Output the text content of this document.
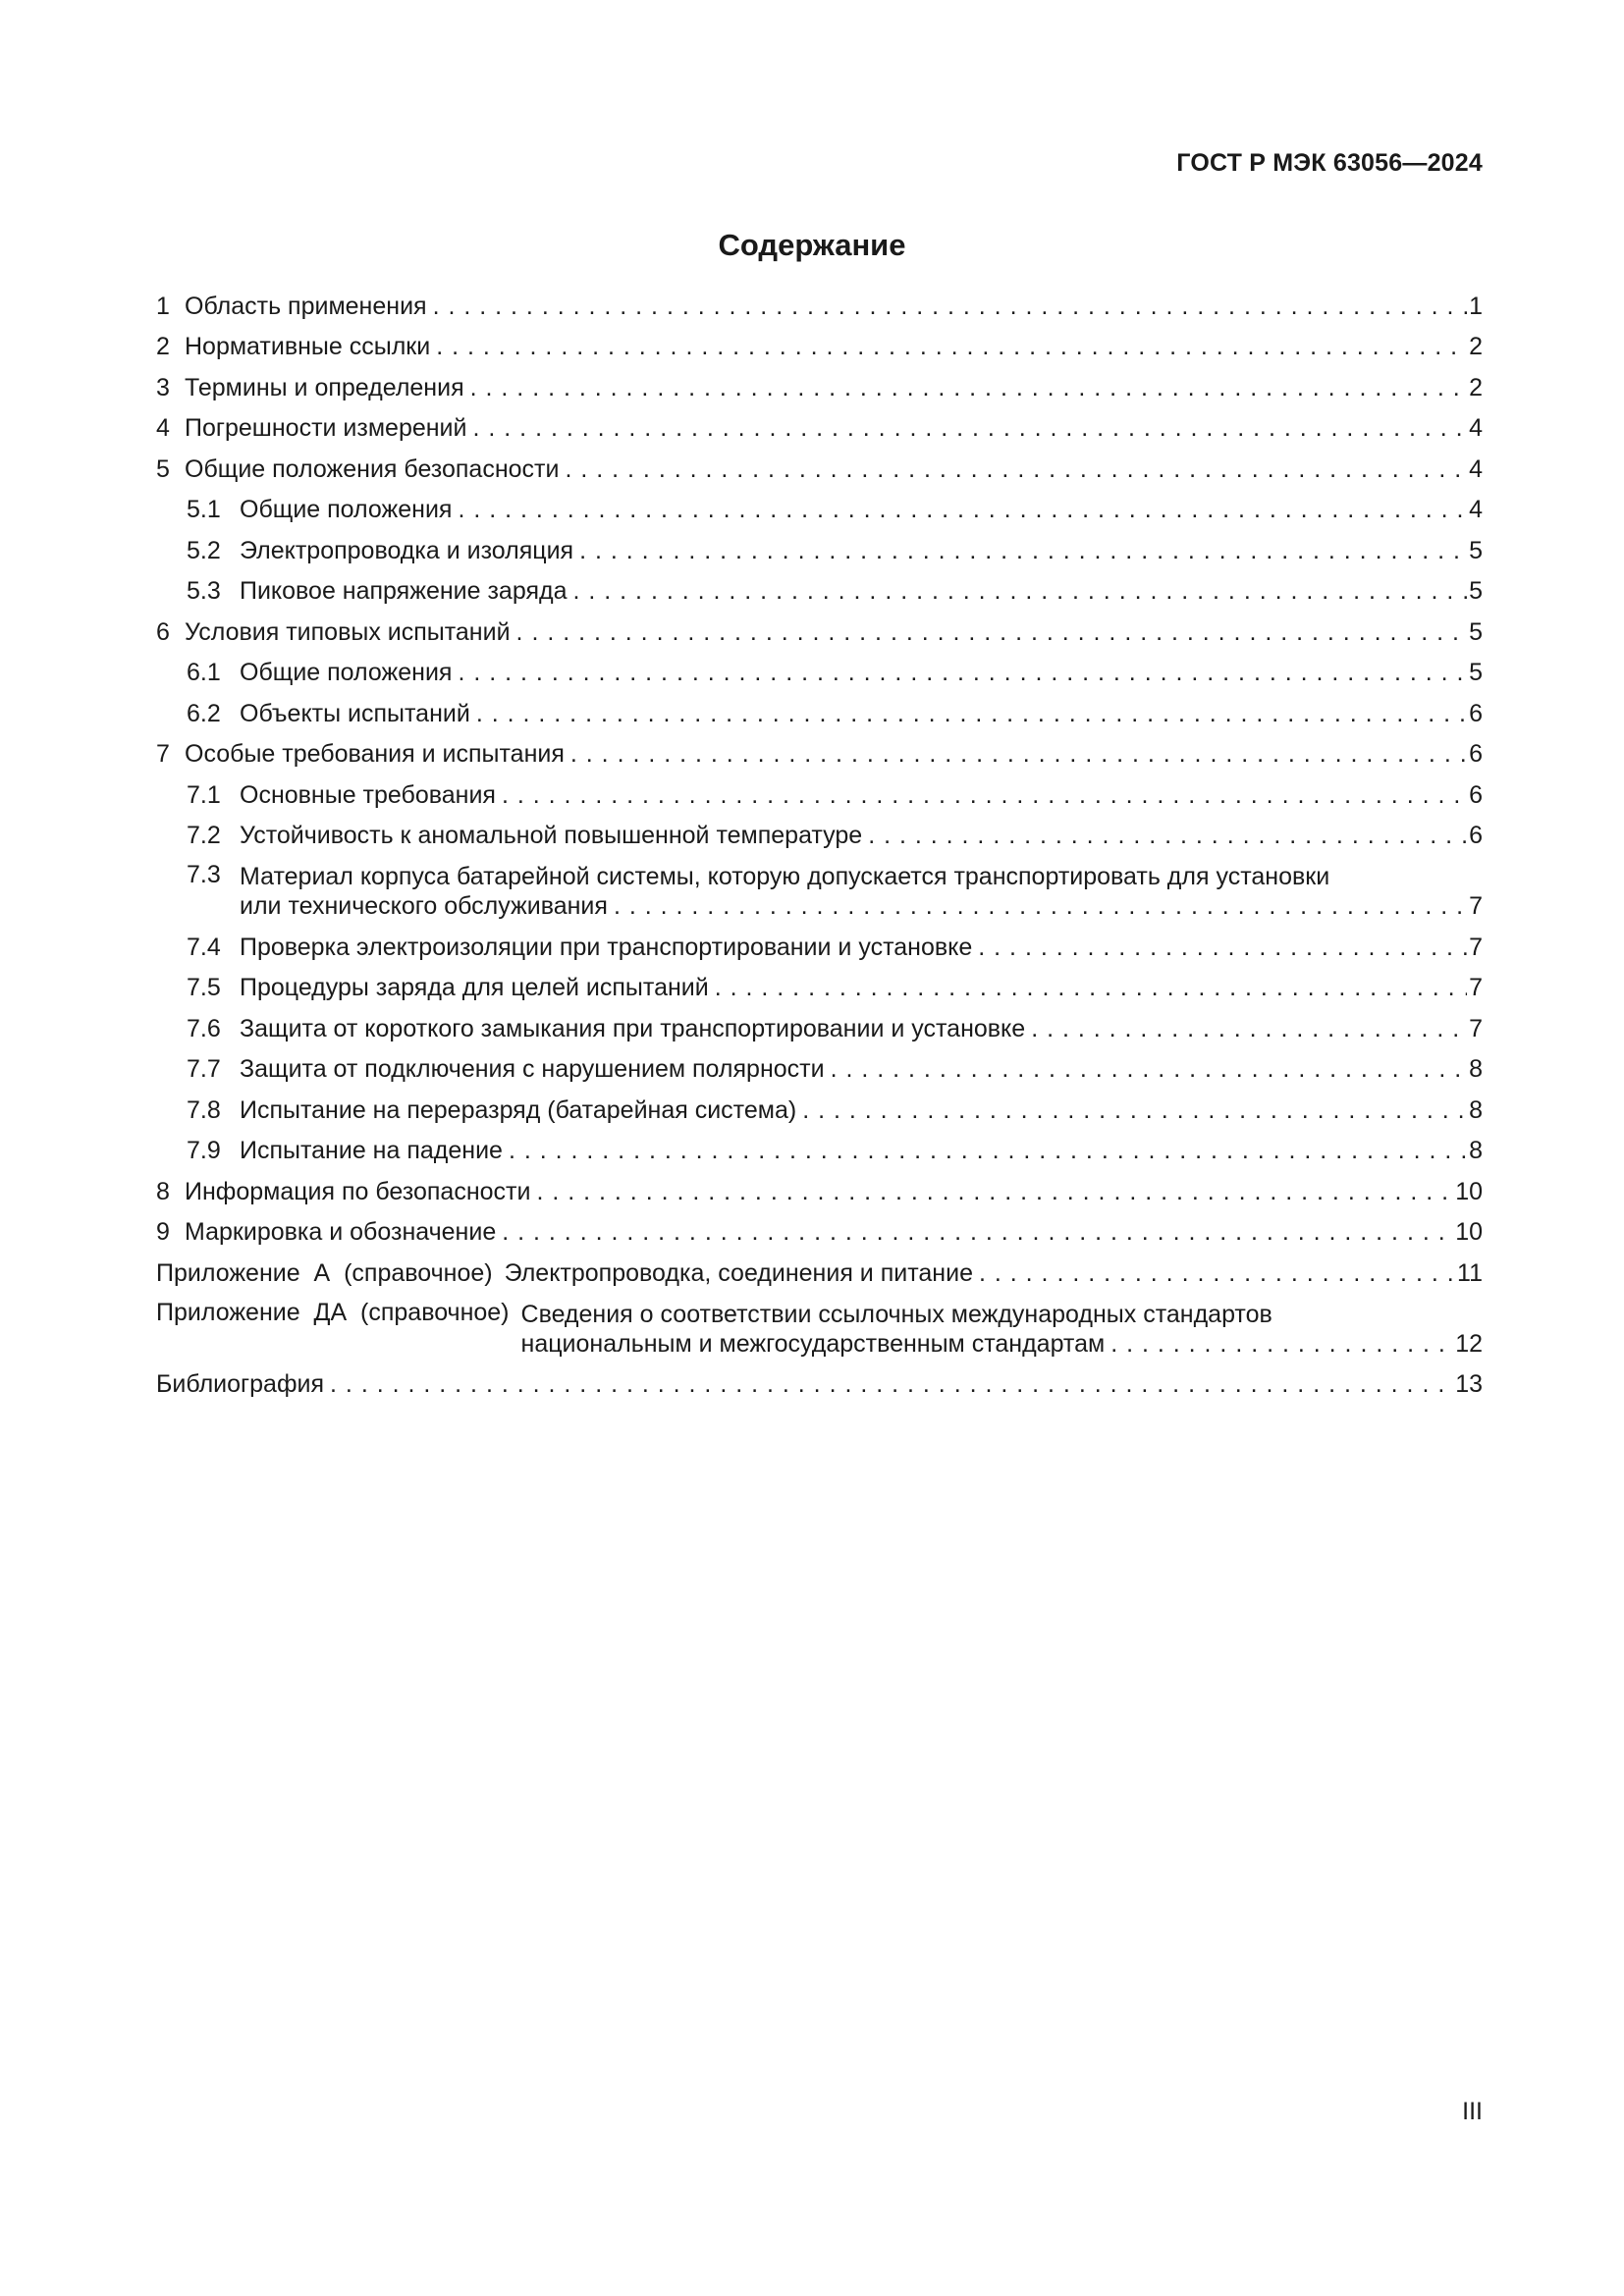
ГОСТ Р МЭК 63056—2024
Содержание
1 Область применения . . .	1
2 Нормативные ссылки . . .	2
3 Термины и определения . . .	2
4 Погрешности измерений . . .	4
5 Общие положения безопасности . . .	4
5.1 Общие положения . . .	4
5.2 Электропроводка и изоляция . . .	5
5.3 Пиковое напряжение заряда . . .	5
6 Условия типовых испытаний . . .	5
6.1 Общие положения . . .	5
6.2 Объекты испытаний . . .	6
7 Особые требования и испытания . . .	6
7.1 Основные требования . . .	6
7.2 Устойчивость к аномальной повышенной температуре . . .	6
7.3 Материал корпуса батарейной системы, которую допускается транспортировать для установки
или технического обслуживания . . .	7
7.4 Проверка электроизоляции при транспортировании и установке . . .	7
7.5 Процедуры заряда для целей испытаний . . .	7
7.6 Защита от короткого замыкания при транспортировании и установке . . .	7
7.7 Защита от подключения с нарушением полярности . . .	8
7.8 Испытание на переразряд (батарейная система) . . .	8
7.9 Испытание на падение . . .	8
8 Информация по безопасности . . .	10
9 Маркировка и обозначение . . .	10
Приложение  А  (справочное) Электропроводка, соединения и питание . . .	11
Приложение  ДА  (справочное) Сведения о соответствии ссылочных международных стандартов
национальным и межгосударственным стандартам . . .	12
Библиография . . .	13
III
